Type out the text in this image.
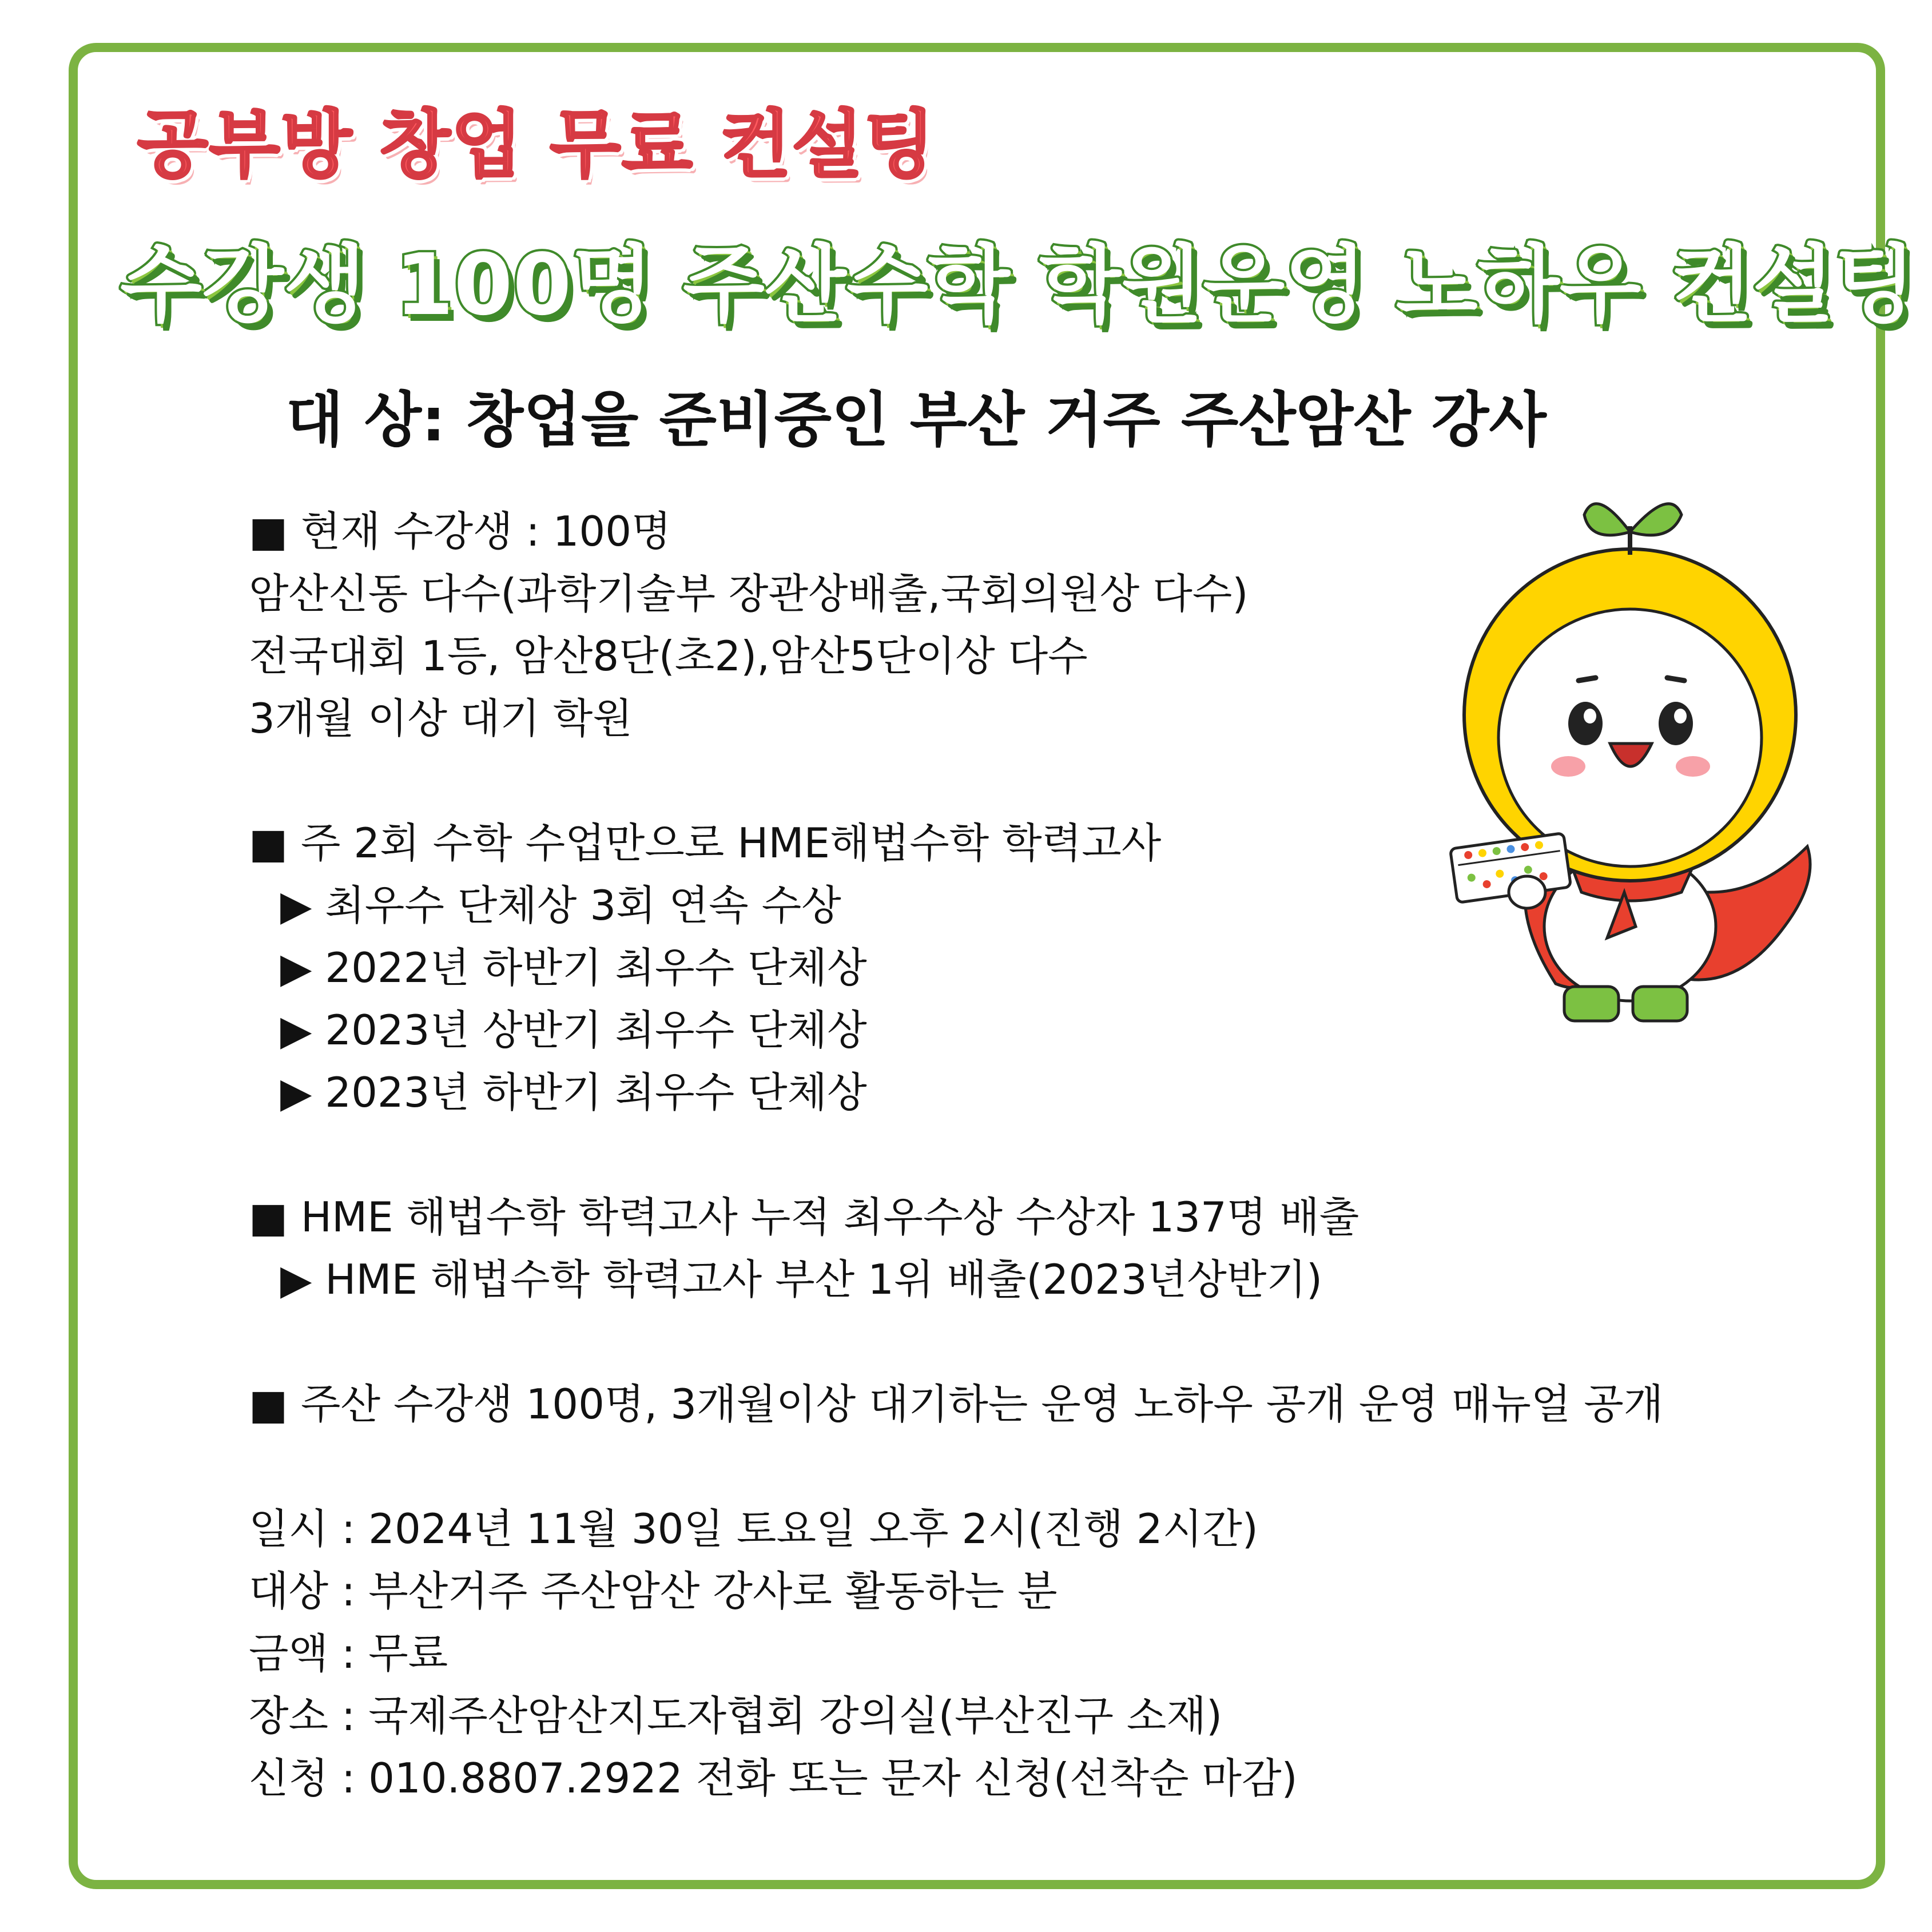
공부방 창업 무료 컨설팅
수강생 100명 주산수학 학원운영 노하우 컨설팅
대 상: 창업을 준비중인 부산 거주 주산암산 강사
■ 현재 수강생 : 100명
암산신동 다수(과학기술부 장관상배출,국회의원상 다수)
전국대회 1등, 암산8단(초2),암산5단이상 다수
3개월 이상 대기 학원
■ 주 2회 수학 수업만으로 HME해법수학 학력고사
▶ 최우수 단체상 3회 연속 수상
▶ 2022년 하반기 최우수 단체상
▶ 2023년 상반기 최우수 단체상
▶ 2023년 하반기 최우수 단체상
■ HME 해법수학 학력고사 누적 최우수상 수상자 137명 배출
▶ HME 해법수학 학력고사 부산 1위 배출(2023년상반기)
■ 주산 수강생 100명, 3개월이상 대기하는 운영 노하우 공개 운영 매뉴얼 공개
일시 : 2024년 11월 30일 토요일 오후 2시(진행 2시간)
대상 : 부산거주 주산암산 강사로 활동하는 분
금액 : 무료
장소 : 국제주산암산지도자협회 강의실(부산진구 소재)
신청 : 010.8807.2922 전화 또는 문자 신청(선착순 마감)
